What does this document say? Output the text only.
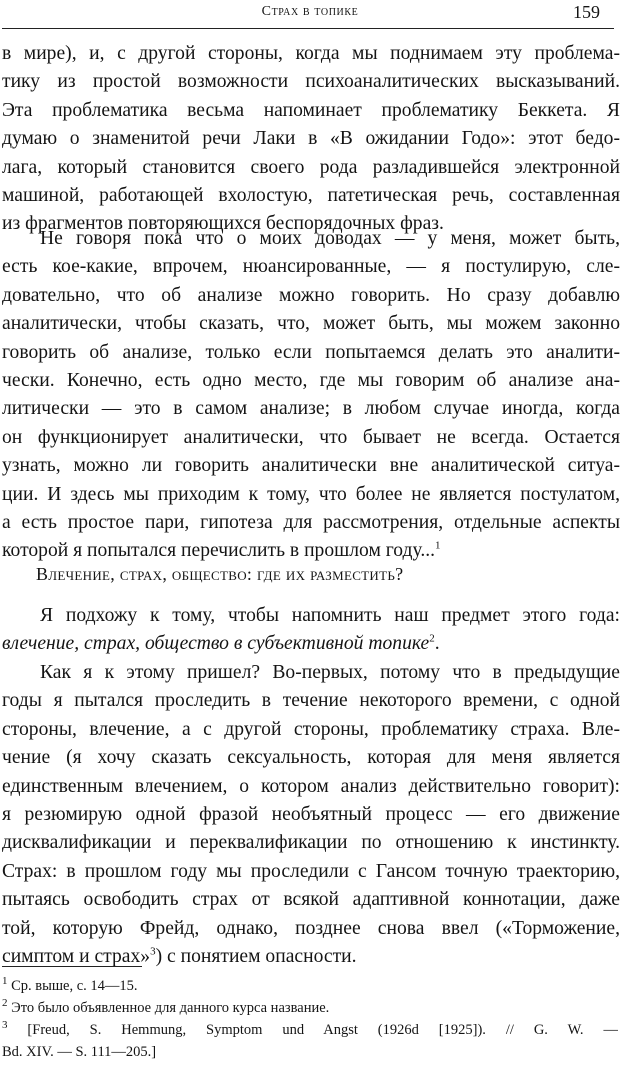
Страх в топике	159
в мире), и, с другой стороны, когда мы поднимаем эту проблема-
тику из простой возможности психоаналитических высказываний.
Эта проблематика весьма напоминает проблематику Беккета. Я
думаю о знаменитой речи Лаки в «В ожидании Годо»: этот бедо-
лага, который становится своего рода разладившейся электронной
машиной, работающей вхолостую, патетическая речь, составленная
из фрагментов повторяющихся беспорядочных фраз.
Не говоря пока что о моих доводах — у меня, может быть,
есть кое-какие, впрочем, нюансированные, — я постулирую, сле-
довательно, что об анализе можно говорить. Но сразу добавлю
аналитически, чтобы сказать, что, может быть, мы можем законно
говорить об анализе, только если попытаемся делать это аналити-
чески. Конечно, есть одно место, где мы говорим об анализе ана-
литически — это в самом анализе; в любом случае иногда, когда
он функционирует аналитически, что бывает не всегда. Остается
узнать, можно ли говорить аналитически вне аналитической ситуа-
ции. И здесь мы приходим к тому, что более не является постулатом,
а есть простое пари, гипотеза для рассмотрения, отдельные аспекты
которой я попытался перечислить в прошлом году...$^1$
Влечение, страх, общество: где их разместить?
Я подхожу к тому, чтобы напомнить наш предмет этого года:
влечение, страх, общество в субъективной топике$^2$.
Как я к этому пришел? Во-первых, потому что в предыдущие
годы я пытался проследить в течение некоторого времени, с одной
стороны, влечение, а с другой стороны, проблематику страха. Вле-
чение (я хочу сказать сексуальность, которая для меня является
единственным влечением, о котором анализ действительно говорит):
я резюмирую одной фразой необъятный процесс — его движение
дисквалификации и переквалификации по отношению к инстинкту.
Страх: в прошлом году мы проследили с Гансом точную траекторию,
пытаясь освободить страх от всякой адаптивной коннотации, даже
той, которую Фрейд, однако, позднее снова ввел («Торможение,
симптом и страх»$^3$) с понятием опасности.
$^1$ Ср. выше, с. 14—15.
$^2$ Это было объявленное для данного курса название.
$^3$ [Freud, S. Hemmung, Symptom und Angst (1926d [1925]). // G. W. —
Bd. XIV. — S. 111—205.]
